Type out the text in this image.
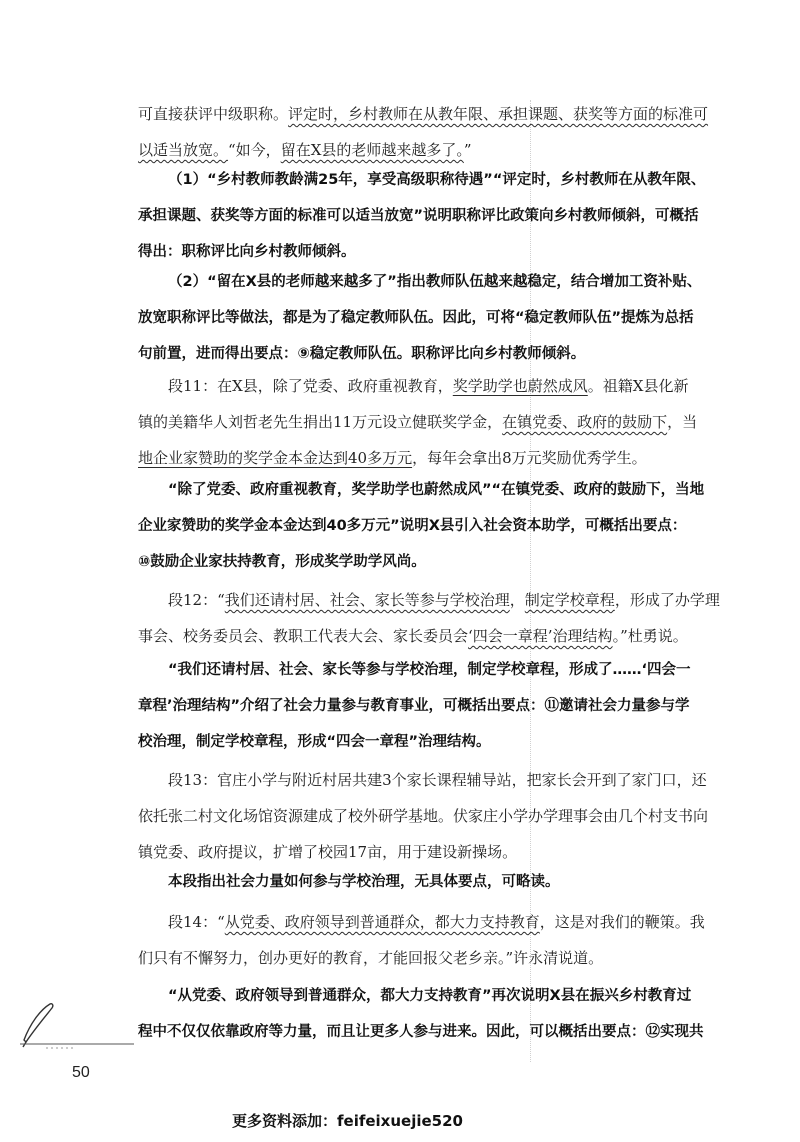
可直接获评中级职称。评定时，乡村教师在从教年限、承担课题、获奖等方面的标准可
以适当放宽。“如今，留在X县的老师越来越多了。”
（1）“乡村教师教龄满25年，享受高级职称待遇”“评定时，乡村教师在从教年限、
承担课题、获奖等方面的标准可以适当放宽”说明职称评比政策向乡村教师倾斜，可概括
得出：职称评比向乡村教师倾斜。
（2）“留在X县的老师越来越多了”指出教师队伍越来越稳定，结合增加工资补贴、
放宽职称评比等做法，都是为了稳定教师队伍。因此，可将“稳定教师队伍”提炼为总括
句前置，进而得出要点：⑨稳定教师队伍。职称评比向乡村教师倾斜。
段11：在X县，除了党委、政府重视教育，奖学助学也蔚然成风。祖籍X县化新
镇的美籍华人刘哲老先生捐出11万元设立健联奖学金，在镇党委、政府的鼓励下，当
地企业家赞助的奖学金本金达到40多万元，每年会拿出8万元奖励优秀学生。
“除了党委、政府重视教育，奖学助学也蔚然成风”“在镇党委、政府的鼓励下，当地
企业家赞助的奖学金本金达到40多万元”说明X县引入社会资本助学，可概括出要点：
⑩鼓励企业家扶持教育，形成奖学助学风尚。
段12：“我们还请村居、社会、家长等参与学校治理，制定学校章程，形成了办学理
事会、校务委员会、教职工代表大会、家长委员会‘四会一章程’治理结构。”杜勇说。
“我们还请村居、社会、家长等参与学校治理，制定学校章程，形成了……‘四会一
章程’治理结构”介绍了社会力量参与教育事业，可概括出要点：⑪邀请社会力量参与学
校治理，制定学校章程，形成“四会一章程”治理结构。
段13：官庄小学与附近村居共建3个家长课程辅导站，把家长会开到了家门口，还
依托张二村文化场馆资源建成了校外研学基地。伏家庄小学办学理事会由几个村支书向
镇党委、政府提议，扩增了校园17亩，用于建设新操场。
本段指出社会力量如何参与学校治理，无具体要点，可略读。
段14：“从党委、政府领导到普通群众，都大力支持教育，这是对我们的鞭策。我
们只有不懈努力，创办更好的教育，才能回报父老乡亲。”许永清说道。
“从党委、政府领导到普通群众，都大力支持教育”再次说明X县在振兴乡村教育过
程中不仅仅依靠政府等力量，而且让更多人参与进来。因此，可以概括出要点：⑫实现共
50
更多资料添加：feifeixuejie520
